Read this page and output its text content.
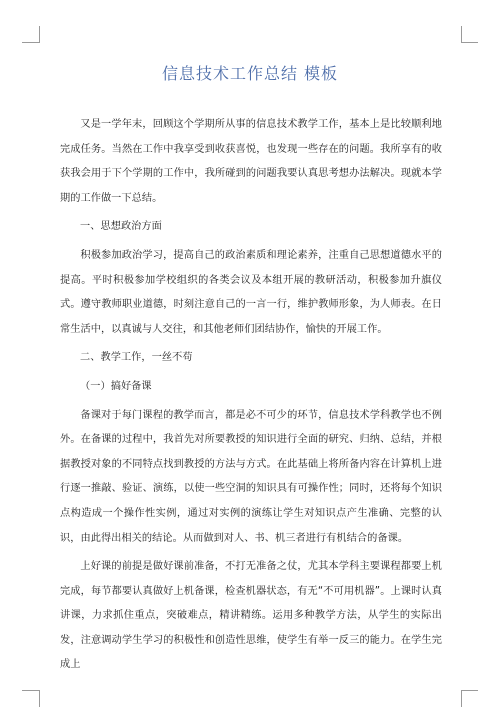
信息技术工作总结 模板

又是一学年末，回顾这个学期所从事的信息技术教学工作，基本上是比较顺利地完成任务。当然在工作中我享受到收获喜悦，也发现一些存在的问题。我所享有的收获我会用于下个学期的工作中，我所碰到的问题我要认真思考想办法解决。现就本学期的工作做一下总结。

一、思想政治方面

积极参加政治学习，提高自己的政治素质和理论素养，注重自己思想道德水平的提高。平时积极参加学校组织的各类会议及本组开展的教研活动，积极参加升旗仪式。遵守教师职业道德，时刻注意自己的一言一行，维护教师形象，为人师表。在日常生活中，以真诚与人交往，和其他老师们团结协作，愉快的开展工作。

二、教学工作，一丝不苟

（一）搞好备课

备课对于每门课程的教学而言，都是必不可少的环节，信息技术学科教学也不例外。在备课的过程中，我首先对所要教授的知识进行全面的研究、归纳、总结，并根据教授对象的不同特点找到教授的方法与方式。在此基础上将所备内容在计算机上进行逐一推敲、验证、演练，以使一些空洞的知识具有可操作性；同时，还将每个知识点构造成一个操作性实例，通过对实例的演练让学生对知识点产生准确、完整的认识，由此得出相关的结论。从而做到对人、书、机三者进行有机结合的备课。

上好课的前提是做好课前准备，不打无准备之仗，尤其本学科主要课程都要上机完成，每节都要认真做好上机备课，检查机器状态，有无“不可用机器”。上课时认真讲课，力求抓住重点，突破难点，精讲精练。运用多种教学方法，从学生的实际出发，注意调动学生学习的积极性和创造性思维，使学生有举一反三的能力。在学生完成上
